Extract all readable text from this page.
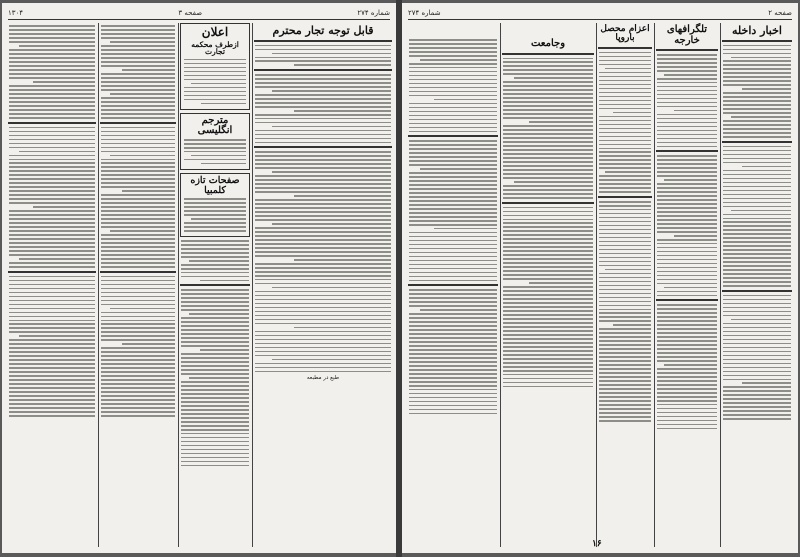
شماره ۲۷۴
صفحه ۳
۱۳۰۴
قابل توجه تجار محترم
طبع در مطبعه
اعلان
ازطرف محکمه تجارت
مترجم انگلیسی
صفحات تازه کلمبیا
صفحه ۲
شماره ۲۷۴
اخبار داخله
تلگرافهای خارجه
اعزام محصل باروپا
وجامعت
۱۶
